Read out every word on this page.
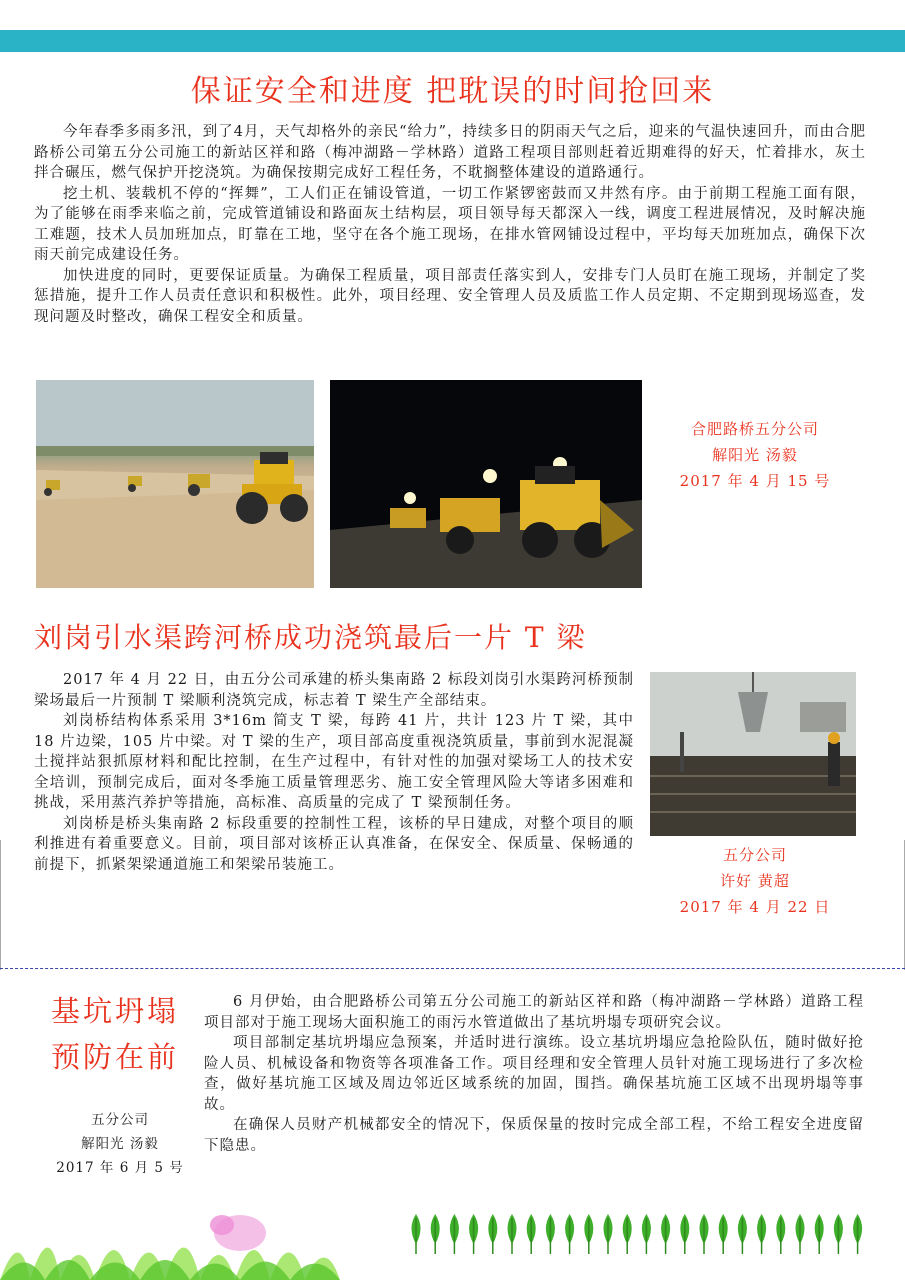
保证安全和进度 把耽误的时间抢回来

今年春季多雨多汛，到了4月，天气却格外的亲民“给力”，持续多日的阴雨天气之后，迎来的气温快速回升，而由合肥路桥公司第五分公司施工的新站区祥和路（梅冲湖路－学林路）道路工程项目部则赶着近期难得的好天，忙着排水，灰土拌合碾压，燃气保护开挖浇筑。为确保按期完成好工程任务，不耽搁整体建设的道路通行。

挖土机、装载机不停的“挥舞”，工人们正在铺设管道，一切工作紧锣密鼓而又井然有序。由于前期工程施工面有限，为了能够在雨季来临之前，完成管道铺设和路面灰土结构层，项目领导每天都深入一线，调度工程进展情况，及时解决施工难题，技术人员加班加点，盯靠在工地，坚守在各个施工现场，在排水管网铺设过程中，平均每天加班加点，确保下次雨天前完成建设任务。

加快进度的同时，更要保证质量。为确保工程质量，项目部责任落实到人，安排专门人员盯在施工现场，并制定了奖惩措施，提升工作人员责任意识和积极性。此外，项目经理、安全管理人员及质监工作人员定期、不定期到现场巡查，发现问题及时整改，确保工程安全和质量。

合肥路桥五分公司
解阳光 汤毅
2017 年 4 月 15 号
刘岗引水渠跨河桥成功浇筑最后一片 T 梁

2017 年 4 月 22 日，由五分公司承建的桥头集南路 2 标段刘岗引水渠跨河桥预制梁场最后一片预制 T 梁顺利浇筑完成，标志着 T 梁生产全部结束。

刘岗桥结构体系采用 3*16m 简支 T 梁，每跨 41 片，共计 123 片 T 梁，其中 18 片边梁，105 片中梁。对 T 梁的生产，项目部高度重视浇筑质量，事前到水泥混凝土搅拌站狠抓原材料和配比控制，在生产过程中，有针对性的加强对梁场工人的技术安全培训，预制完成后，面对冬季施工质量管理恶劣、施工安全管理风险大等诸多困难和挑战，采用蒸汽养护等措施，高标准、高质量的完成了 T 梁预制任务。

刘岗桥是桥头集南路 2 标段重要的控制性工程，该桥的早日建成，对整个项目的顺利推进有着重要意义。目前，项目部对该桥正认真准备，在保安全、保质量、保畅通的前提下，抓紧架梁通道施工和架梁吊装施工。

五分公司
许好 黄超
2017 年 4 月 22 日
基坑坍塌
预防在前

6 月伊始，由合肥路桥公司第五分公司施工的新站区祥和路（梅冲湖路－学林路）道路工程项目部对于施工现场大面积施工的雨污水管道做出了基坑坍塌专项研究会议。

项目部制定基坑坍塌应急预案，并适时进行演练。设立基坑坍塌应急抢险队伍，随时做好抢险人员、机械设备和物资等各项准备工作。项目经理和安全管理人员针对施工现场进行了多次检查，做好基坑施工区域及周边邻近区域系统的加固，围挡。确保基坑施工区域不出现坍塌等事故。

在确保人员财产机械都安全的情况下，保质保量的按时完成全部工程，不给工程安全进度留下隐患。

五分公司
解阳光 汤毅
2017 年 6 月 5 号
